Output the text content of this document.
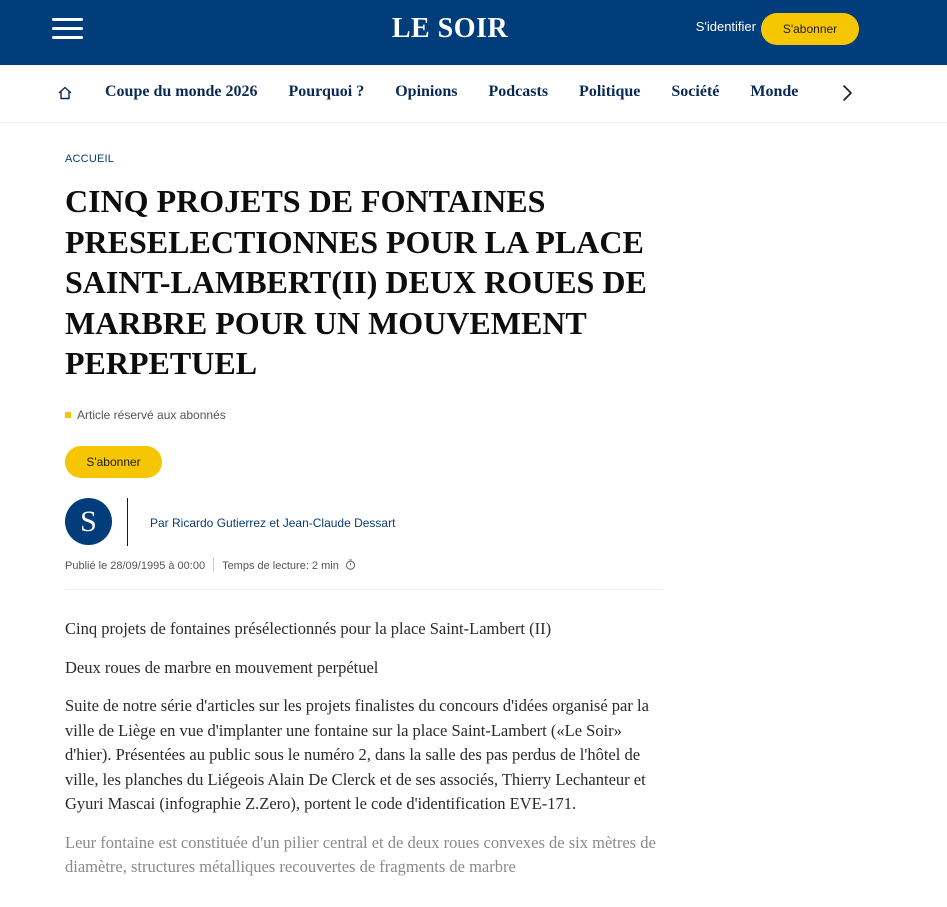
LE SOIR	S'identifier	S'abonner
Coupe du monde 2026 Pourquoi ? Opinions Podcasts Politique Société Monde
ACCUEIL
CINQ PROJETS DE FONTAINES PRESELECTIONNES POUR LA PLACE SAINT-LAMBERT(II) DEUX ROUES DE MARBRE POUR UN MOUVEMENT PERPETUEL
Article réservé aux abonnés
S'abonner
S	Par Ricardo Gutierrez et Jean-Claude Dessart
Publié le 28/09/1995 à 00:00 Temps de lecture: 2 min

Cinq projets de fontaines présélectionnés pour la place Saint-Lambert (II)

Deux roues de marbre en mouvement perpétuel

Suite de notre série d'articles sur les projets finalistes du concours d'idées organisé par la ville de Liège en vue d'implanter une fontaine sur la place Saint-Lambert («Le Soir» d'hier). Présentées au public sous le numéro 2, dans la salle des pas perdus de l'hôtel de ville, les planches du Liégeois Alain De Clerck et de ses associés, Thierry Lechanteur et Gyuri Mascai (infographie Z.Zero), portent le code d'identification EVE-171.

Leur fontaine est constituée d'un pilier central et de deux roues convexes de six mètres de diamètre, structures métalliques recouvertes de fragments de marbre
